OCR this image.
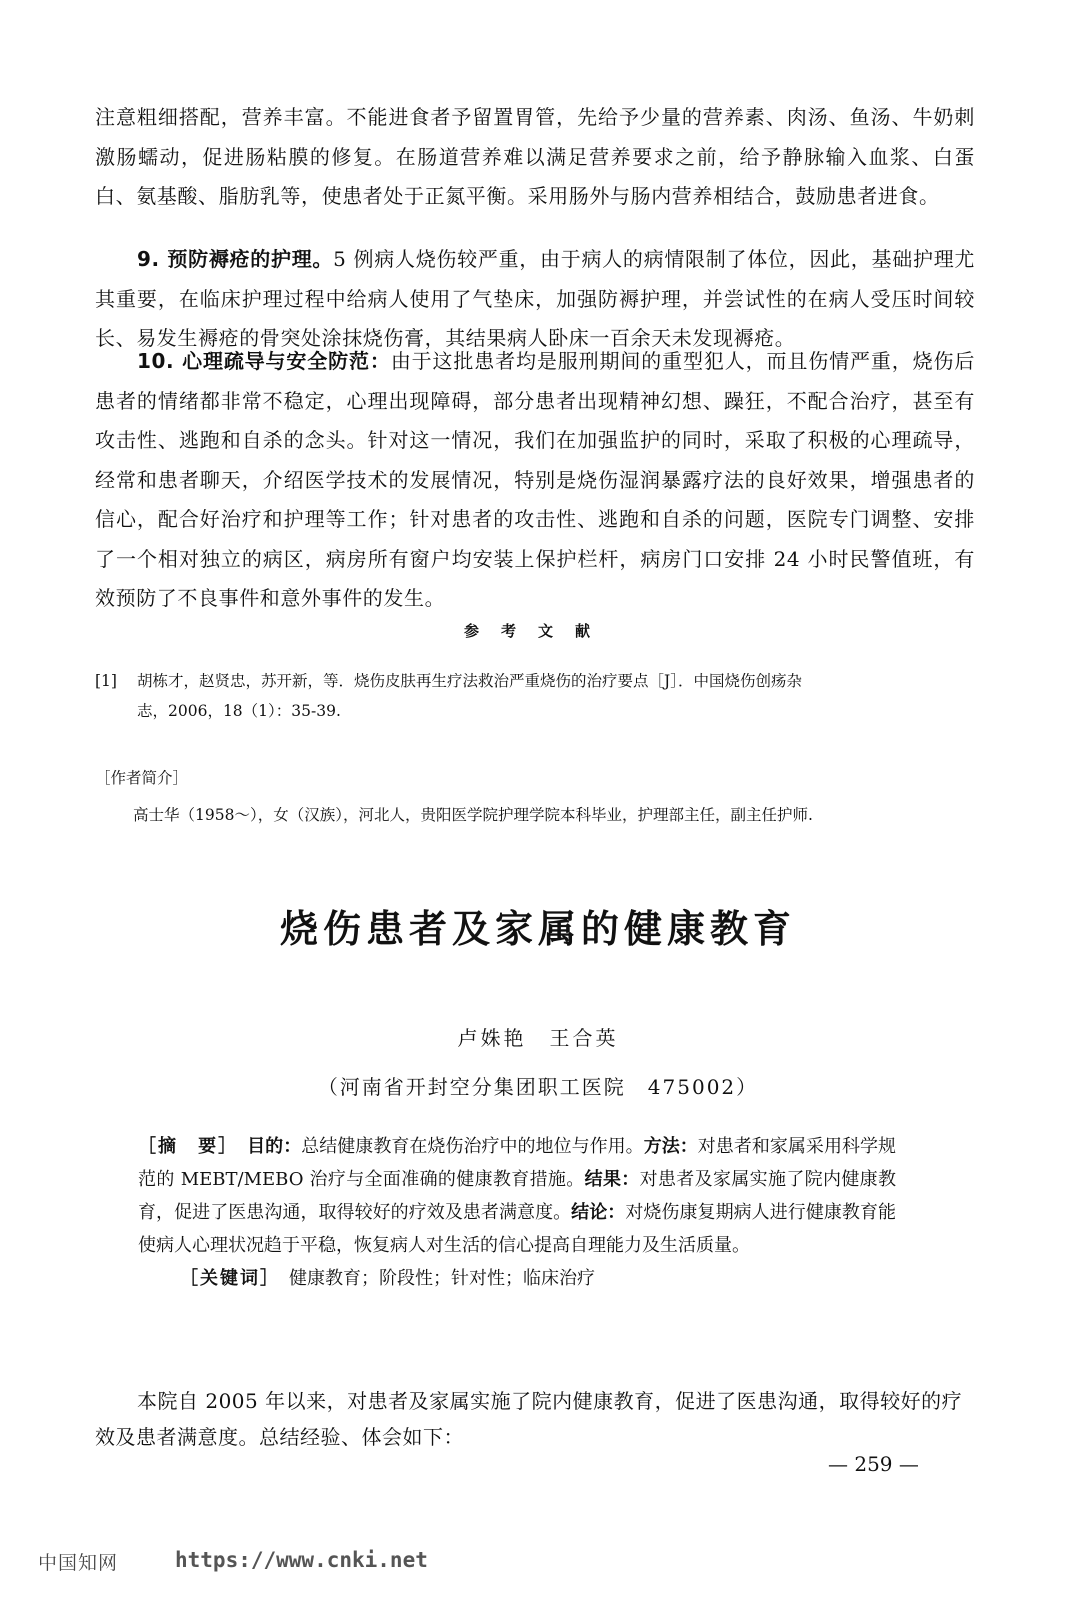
注意粗细搭配，营养丰富。不能进食者予留置胃管，先给予少量的营养素、肉汤、鱼汤、牛奶刺激肠蠕动，促进肠粘膜的修复。在肠道营养难以满足营养要求之前，给予静脉输入血浆、白蛋白、氨基酸、脂肪乳等，使患者处于正氮平衡。采用肠外与肠内营养相结合，鼓励患者进食。

9. 预防褥疮的护理。5 例病人烧伤较严重，由于病人的病情限制了体位，因此，基础护理尤其重要，在临床护理过程中给病人使用了气垫床，加强防褥护理，并尝试性的在病人受压时间较长、易发生褥疮的骨突处涂抹烧伤膏，其结果病人卧床一百余天未发现褥疮。

10. 心理疏导与安全防范：由于这批患者均是服刑期间的重型犯人，而且伤情严重，烧伤后患者的情绪都非常不稳定，心理出现障碍，部分患者出现精神幻想、躁狂，不配合治疗，甚至有攻击性、逃跑和自杀的念头。针对这一情况，我们在加强监护的同时，采取了积极的心理疏导，经常和患者聊天，介绍医学技术的发展情况，特别是烧伤湿润暴露疗法的良好效果，增强患者的信心，配合好治疗和护理等工作；针对患者的攻击性、逃跑和自杀的问题，医院专门调整、安排了一个相对独立的病区，病房所有窗户均安装上保护栏杆，病房门口安排 24 小时民警值班，有效预防了不良事件和意外事件的发生。

参考文献
[1] 胡栋才，赵贤忠，苏开新，等．烧伤皮肤再生疗法救治严重烧伤的治疗要点［J］．中国烧伤创疡杂
志，2006，18（1）：35-39.
［作者简介］
高士华（1958～），女（汉族），河北人，贵阳医学院护理学院本科毕业，护理部主任，副主任护师.
烧伤患者及家属的健康教育
卢姝艳　王合英
（河南省开封空分集团职工医院　475002）

［摘　要］　 目的：总结健康教育在烧伤治疗中的地位与作用。方法：对患者和家属采用科学规范的 MEBT/MEBO 治疗与全面准确的健康教育措施。结果：对患者及家属实施了院内健康教育，促进了医患沟通，取得较好的疗效及患者满意度。结论：对烧伤康复期病人进行健康教育能使病人心理状况趋于平稳，恢复病人对生活的信心提高自理能力及生活质量。

［关键词］　 健康教育；阶段性；针对性；临床治疗

本院自 2005 年以来，对患者及家属实施了院内健康教育，促进了医患沟通，取得较好的疗效及患者满意度。总结经验、体会如下：

— 259 —
中国知网	https://www.cnki.net
